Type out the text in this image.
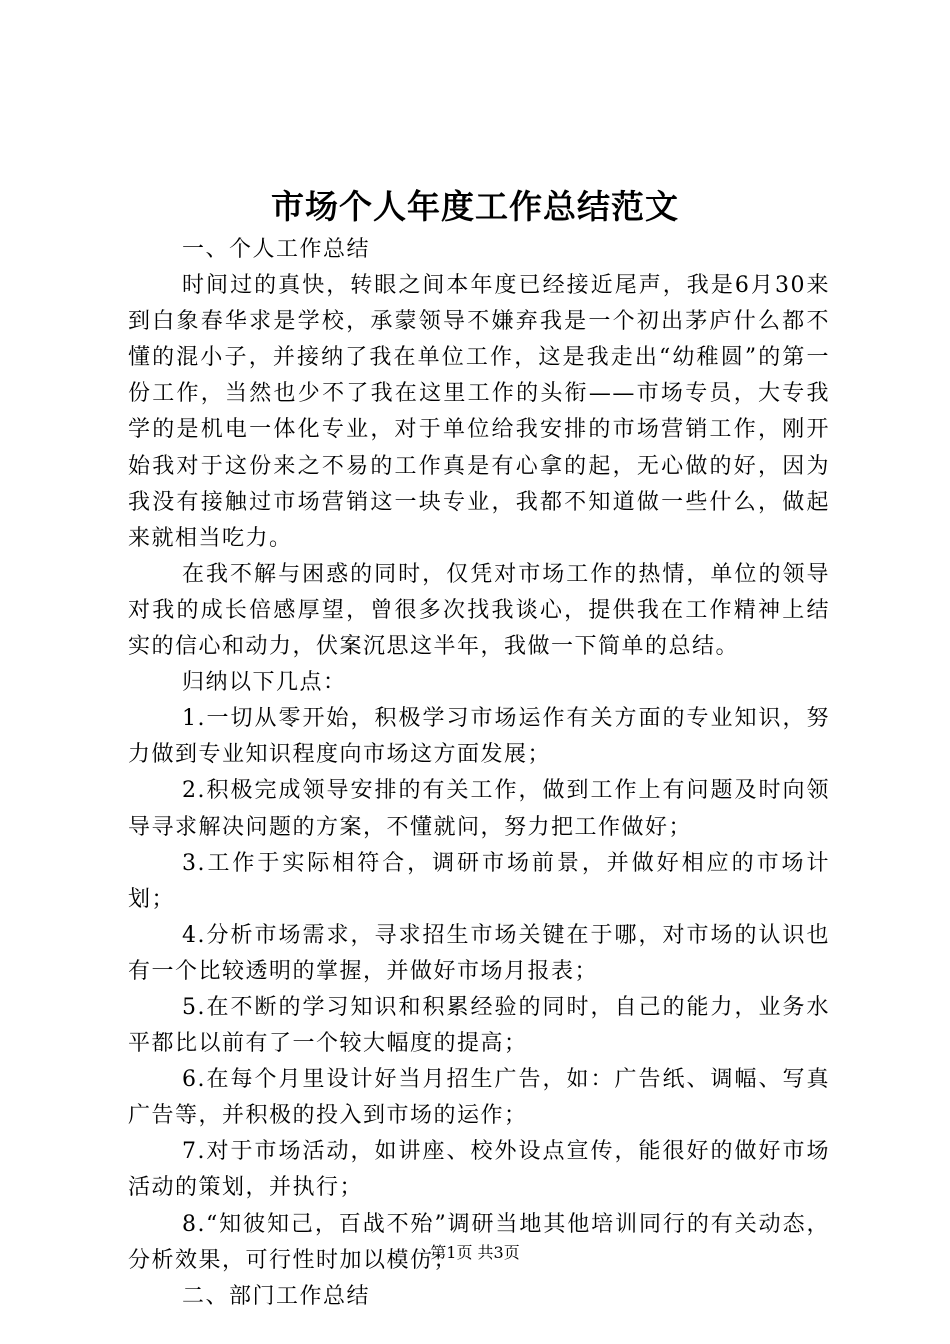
市场个人年度工作总结范文

一、个人工作总结

时间过的真快，转眼之间本年度已经接近尾声，我是6月30来到白象春华求是学校，承蒙领导不嫌弃我是一个初出茅庐什么都不懂的混小子，并接纳了我在单位工作，这是我走出“幼稚圆”的第一份工作，当然也少不了我在这里工作的头衔——市场专员，大专我学的是机电一体化专业，对于单位给我安排的市场营销工作，刚开始我对于这份来之不易的工作真是有心拿的起，无心做的好，因为我没有接触过市场营销这一块专业，我都不知道做一些什么，做起来就相当吃力。

在我不解与困惑的同时，仅凭对市场工作的热情，单位的领导对我的成长倍感厚望，曾很多次找我谈心，提供我在工作精神上结实的信心和动力，伏案沉思这半年，我做一下简单的总结。

归纳以下几点：

1.一切从零开始，积极学习市场运作有关方面的专业知识，努力做到专业知识程度向市场这方面发展；

2.积极完成领导安排的有关工作，做到工作上有问题及时向领导寻求解决问题的方案，不懂就问，努力把工作做好；

3.工作于实际相符合，调研市场前景，并做好相应的市场计划；

4.分析市场需求，寻求招生市场关键在于哪，对市场的认识也有一个比较透明的掌握，并做好市场月报表；

5.在不断的学习知识和积累经验的同时，自己的能力，业务水平都比以前有了一个较大幅度的提高；

6.在每个月里设计好当月招生广告，如：广告纸、调幅、写真广告等，并积极的投入到市场的运作；

7.对于市场活动，如讲座、校外设点宣传，能很好的做好市场活动的策划，并执行；

8.“知彼知己，百战不殆”调研当地其他培训同行的有关动态，分析效果，可行性时加以模仿；

二、部门工作总结

第1页 共3页
